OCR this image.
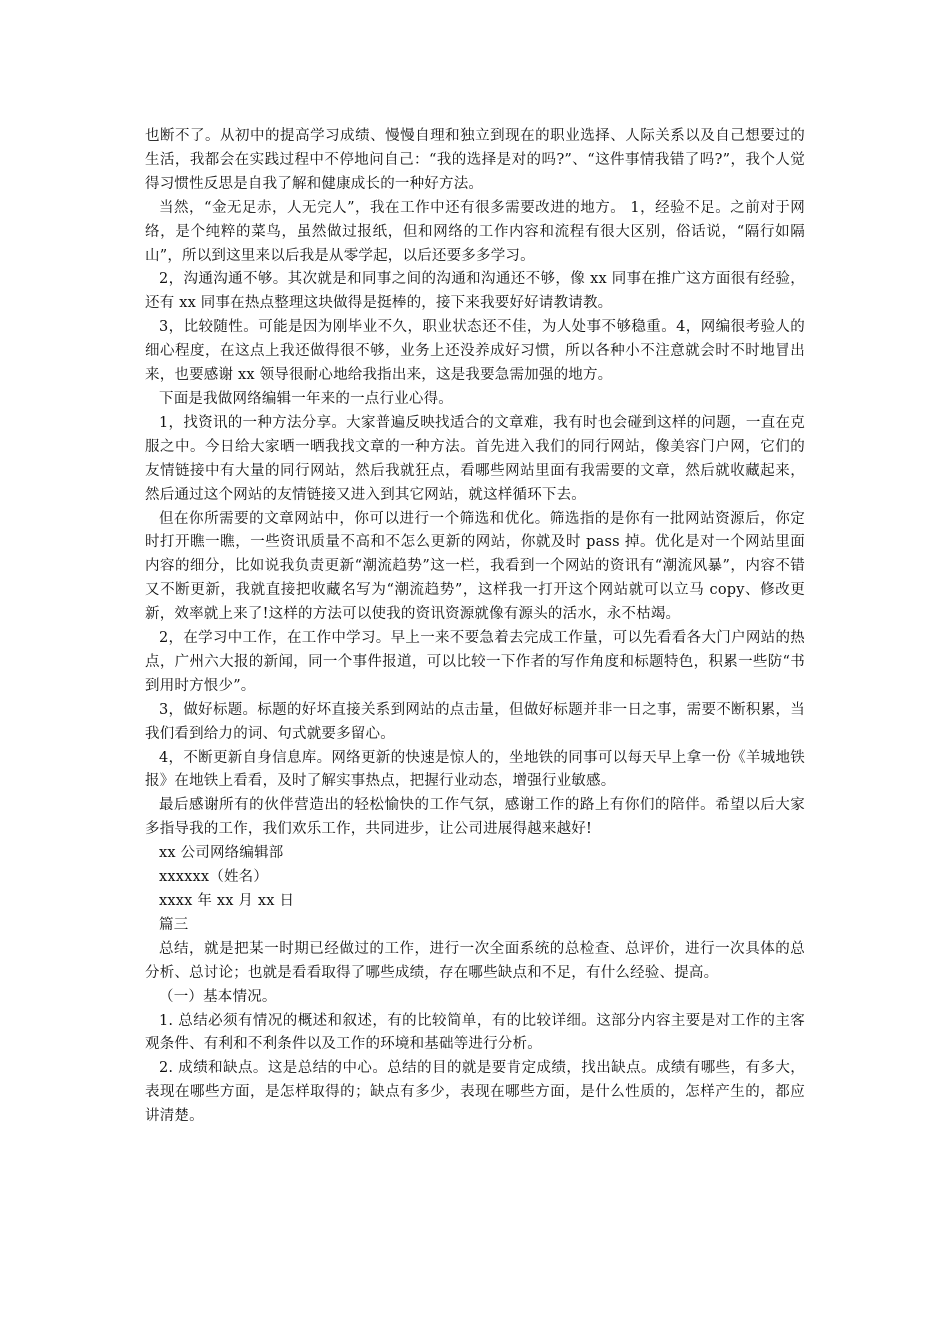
也断不了。从初中的提高学习成绩、慢慢自理和独立到现在的职业选择、人际关系以及自己想要过的生活，我都会在实践过程中不停地问自己：“我的选择是对的吗?”、“这件事情我错了吗?”，我个人觉得习惯性反思是自我了解和健康成长的一种好方法。

当然，“金无足赤，人无完人”，我在工作中还有很多需要改进的地方。 1，经验不足。之前对于网络，是个纯粹的菜鸟，虽然做过报纸，但和网络的工作内容和流程有很大区别，俗话说，“隔行如隔山”，所以到这里来以后我是从零学起，以后还要多多学习。

2，沟通沟通不够。其次就是和同事之间的沟通和沟通还不够，像 xx 同事在推广这方面很有经验，还有 xx 同事在热点整理这块做得是挺棒的，接下来我要好好请教请教。

3，比较随性。可能是因为刚毕业不久，职业状态还不佳，为人处事不够稳重。4，网编很考验人的细心程度，在这点上我还做得很不够，业务上还没养成好习惯，所以各种小不注意就会时不时地冒出来，也要感谢 xx 领导很耐心地给我指出来，这是我要急需加强的地方。

下面是我做网络编辑一年来的一点行业心得。

1，找资讯的一种方法分享。大家普遍反映找适合的文章难，我有时也会碰到这样的问题，一直在克服之中。今日给大家晒一晒我找文章的一种方法。首先进入我们的同行网站，像美容门户网，它们的友情链接中有大量的同行网站，然后我就狂点，看哪些网站里面有我需要的文章，然后就收藏起来，然后通过这个网站的友情链接又进入到其它网站，就这样循环下去。

但在你所需要的文章网站中，你可以进行一个筛选和优化。筛选指的是你有一批网站资源后，你定时打开瞧一瞧，一些资讯质量不高和不怎么更新的网站，你就及时 pass 掉。优化是对一个网站里面内容的细分，比如说我负责更新“潮流趋势”这一栏，我看到一个网站的资讯有“潮流风暴”，内容不错又不断更新，我就直接把收藏名写为“潮流趋势”，这样我一打开这个网站就可以立马 copy、修改更新，效率就上来了!这样的方法可以使我的资讯资源就像有源头的活水，永不枯竭。

2，在学习中工作，在工作中学习。早上一来不要急着去完成工作量，可以先看看各大门户网站的热点，广州六大报的新闻，同一个事件报道，可以比较一下作者的写作角度和标题特色，积累一些防“书到用时方恨少”。

3，做好标题。标题的好坏直接关系到网站的点击量，但做好标题并非一日之事，需要不断积累，当我们看到给力的词、句式就要多留心。

4，不断更新自身信息库。网络更新的快速是惊人的，坐地铁的同事可以每天早上拿一份《羊城地铁报》在地铁上看看，及时了解实事热点，把握行业动态，增强行业敏感。

最后感谢所有的伙伴营造出的轻松愉快的工作气氛，感谢工作的路上有你们的陪伴。希望以后大家多指导我的工作，我们欢乐工作，共同进步，让公司进展得越来越好!

xx 公司网络编辑部

xxxxxx（姓名）

xxxx 年 xx 月 xx 日

篇三

总结，就是把某一时期已经做过的工作，进行一次全面系统的总检查、总评价，进行一次具体的总分析、总讨论；也就是看看取得了哪些成绩，存在哪些缺点和不足，有什么经验、提高。

（一）基本情况。

1. 总结必须有情况的概述和叙述，有的比较简单，有的比较详细。这部分内容主要是对工作的主客观条件、有利和不利条件以及工作的环境和基础等进行分析。

2. 成绩和缺点。这是总结的中心。总结的目的就是要肯定成绩，找出缺点。成绩有哪些，有多大，表现在哪些方面，是怎样取得的；缺点有多少，表现在哪些方面，是什么性质的，怎样产生的，都应讲清楚。
